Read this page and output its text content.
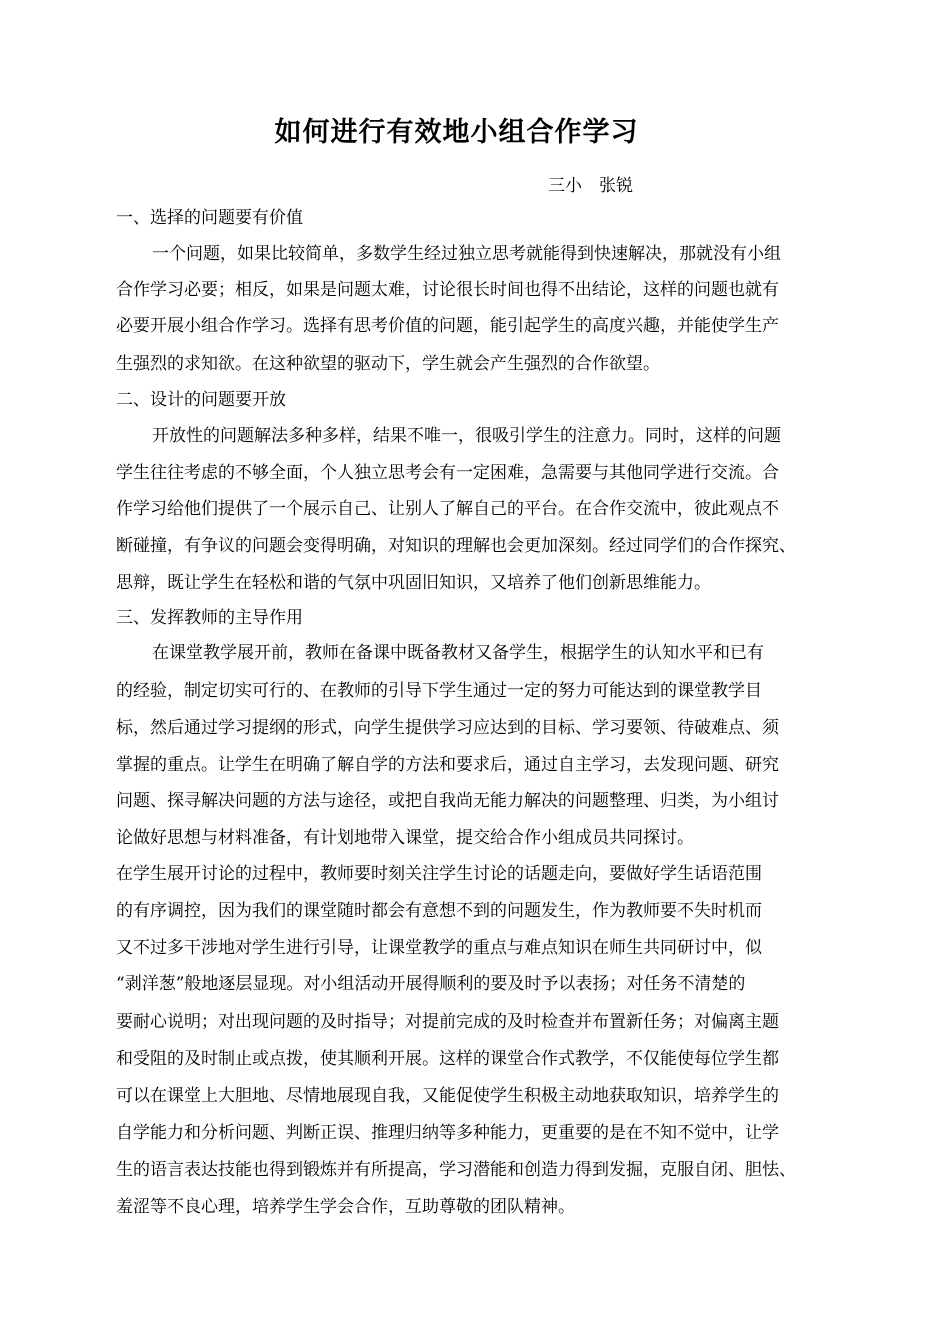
如何进行有效地小组合作学习
三小　张锐
一、选择的问题要有价值
一个问题，如果比较简单，多数学生经过独立思考就能得到快速解决，那就没有小组
合作学习必要；相反，如果是问题太难，讨论很长时间也得不出结论，这样的问题也就有
必要开展小组合作学习。选择有思考价值的问题，能引起学生的高度兴趣，并能使学生产
生强烈的求知欲。在这种欲望的驱动下，学生就会产生强烈的合作欲望。
二、设计的问题要开放
开放性的问题解法多种多样，结果不唯一，很吸引学生的注意力。同时，这样的问题
学生往往考虑的不够全面，个人独立思考会有一定困难，急需要与其他同学进行交流。合
作学习给他们提供了一个展示自己、让别人了解自己的平台。在合作交流中，彼此观点不
断碰撞，有争议的问题会变得明确，对知识的理解也会更加深刻。经过同学们的合作探究、
思辩，既让学生在轻松和谐的气氛中巩固旧知识，又培养了他们创新思维能力。
三、发挥教师的主导作用
在课堂教学展开前，教师在备课中既备教材又备学生，根据学生的认知水平和已有
的经验，制定切实可行的、在教师的引导下学生通过一定的努力可能达到的课堂教学目
标，然后通过学习提纲的形式，向学生提供学习应达到的目标、学习要领、待破难点、须
掌握的重点。让学生在明确了解自学的方法和要求后，通过自主学习，去发现问题、研究
问题、探寻解决问题的方法与途径，或把自我尚无能力解决的问题整理、归类，为小组讨
论做好思想与材料准备，有计划地带入课堂，提交给合作小组成员共同探讨。
在学生展开讨论的过程中，教师要时刻关注学生讨论的话题走向，要做好学生话语范围
的有序调控，因为我们的课堂随时都会有意想不到的问题发生，作为教师要不失时机而
又不过多干涉地对学生进行引导，让课堂教学的重点与难点知识在师生共同研讨中，似
“剥洋葱”般地逐层显现。对小组活动开展得顺利的要及时予以表扬；对任务不清楚的
要耐心说明；对出现问题的及时指导；对提前完成的及时检查并布置新任务；对偏离主题
和受阻的及时制止或点拨，使其顺利开展。这样的课堂合作式教学，不仅能使每位学生都
可以在课堂上大胆地、尽情地展现自我，又能促使学生积极主动地获取知识，培养学生的
自学能力和分析问题、判断正误、推理归纳等多种能力，更重要的是在不知不觉中，让学
生的语言表达技能也得到锻炼并有所提高，学习潜能和创造力得到发掘，克服自闭、胆怯、
羞涩等不良心理，培养学生学会合作，互助尊敬的团队精神。
